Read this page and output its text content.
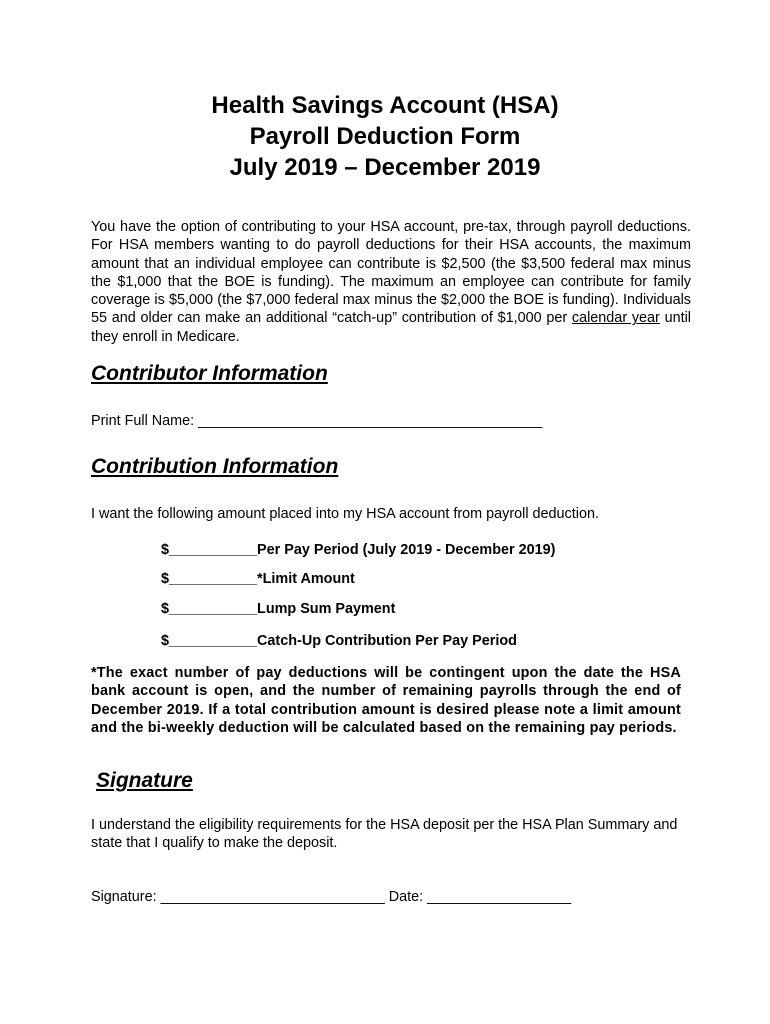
Health Savings Account (HSA)
Payroll Deduction Form
July 2019 – December 2019

You have the option of contributing to your HSA account, pre-tax, through payroll deductions. For HSA members wanting to do payroll deductions for their HSA accounts, the maximum amount that an individual employee can contribute is $2,500 (the $3,500 federal max minus the $1,000 that the BOE is funding). The maximum an employee can contribute for family coverage is $5,000 (the $7,000 federal max minus the $2,000 the BOE is funding). Individuals 55 and older can make an additional “catch-up” contribution of $1,000 per calendar year until they enroll in Medicare.

Contributor Information

Print Full Name: ___________________________________________

Contribution Information

I want the following amount placed into my HSA account from payroll deduction.

$___________Per Pay Period (July 2019 - December 2019)

$___________*Limit Amount

$___________Lump Sum Payment

$___________Catch-Up Contribution Per Pay Period

*The exact number of pay deductions will be contingent upon the date the HSA bank account is open, and the number of remaining payrolls through the end of December 2019. If a total contribution amount is desired please note a limit amount and the bi-weekly deduction will be calculated based on the remaining pay periods.

Signature

I understand the eligibility requirements for the HSA deposit per the HSA Plan Summary and state that I qualify to make the deposit.

Signature: ____________________________ Date: __________________
